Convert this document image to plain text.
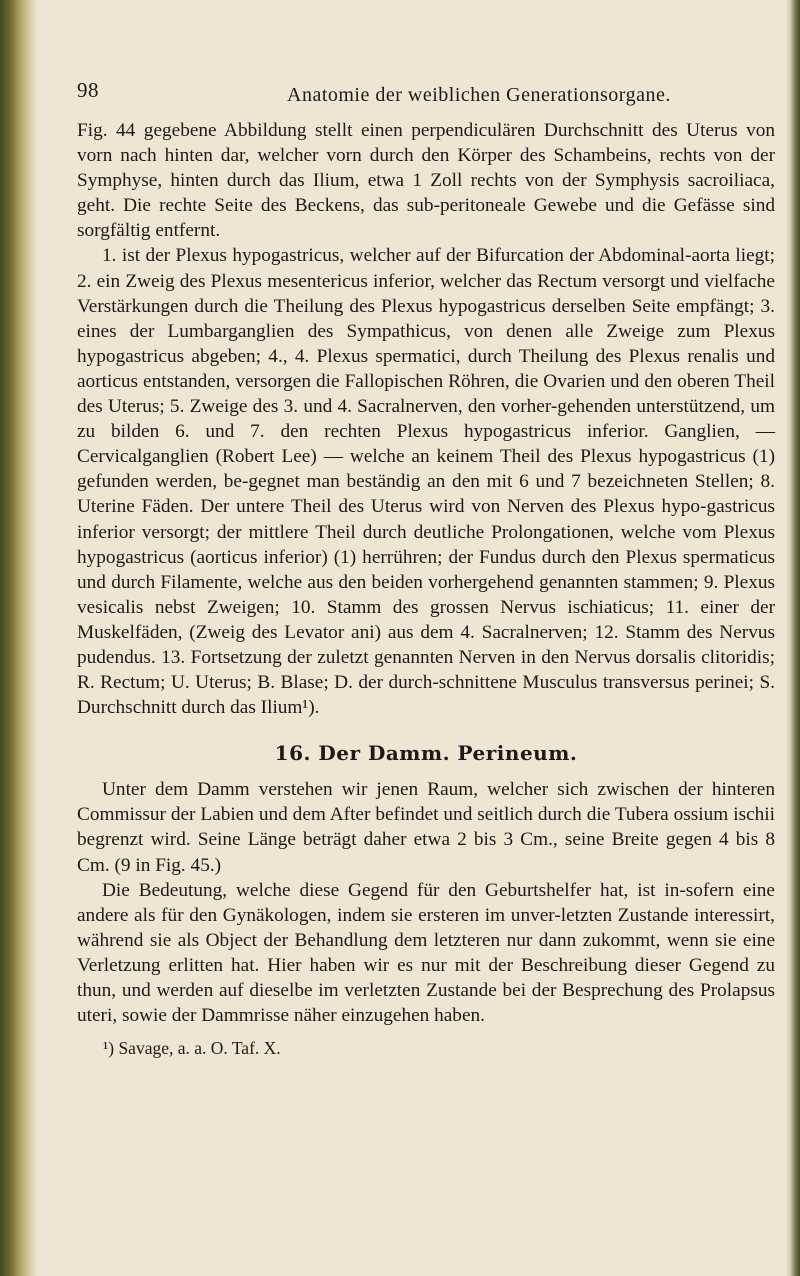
98	Anatomie der weiblichen Generationsorgane.

Fig. 44 gegebene Abbildung stellt einen perpendiculären Durchschnitt des Uterus von vorn nach hinten dar, welcher vorn durch den Körper des Schambeins, rechts von der Symphyse, hinten durch das Ilium, etwa 1 Zoll rechts von der Symphysis sacroiliaca, geht. Die rechte Seite des Beckens, das sub-peritoneale Gewebe und die Gefässe sind sorgfältig entfernt.

1. ist der Plexus hypogastricus, welcher auf der Bifurcation der Abdominal-aorta liegt; 2. ein Zweig des Plexus mesentericus inferior, welcher das Rectum versorgt und vielfache Verstärkungen durch die Theilung des Plexus hypogastricus derselben Seite empfängt; 3. eines der Lumbarganglien des Sympathicus, von denen alle Zweige zum Plexus hypogastricus abgeben; 4., 4. Plexus spermatici, durch Theilung des Plexus renalis und aorticus entstanden, versorgen die Fallopischen Röhren, die Ovarien und den oberen Theil des Uterus; 5. Zweige des 3. und 4. Sacralnerven, den vorher-gehenden unterstützend, um zu bilden 6. und 7. den rechten Plexus hypogastricus inferior. Ganglien, — Cervicalganglien (Robert Lee) — welche an keinem Theil des Plexus hypogastricus (1) gefunden werden, be-gegnet man beständig an den mit 6 und 7 bezeichneten Stellen; 8. Uterine Fäden. Der untere Theil des Uterus wird von Nerven des Plexus hypo-gastricus inferior versorgt; der mittlere Theil durch deutliche Prolongationen, welche vom Plexus hypogastricus (aorticus inferior) (1) herrühren; der Fundus durch den Plexus spermaticus und durch Filamente, welche aus den beiden vorhergehend genannten stammen; 9. Plexus vesicalis nebst Zweigen; 10. Stamm des grossen Nervus ischiaticus; 11. einer der Muskelfäden, (Zweig des Levator ani) aus dem 4. Sacralnerven; 12. Stamm des Nervus pudendus. 13. Fortsetzung der zuletzt genannten Nerven in den Nervus dorsalis clitoridis; R. Rectum; U. Uterus; B. Blase; D. der durch-schnittene Musculus transversus perinei; S. Durchschnitt durch das Ilium¹).

16. Der Damm. Perineum.

Unter dem Damm verstehen wir jenen Raum, welcher sich zwischen der hinteren Commissur der Labien und dem After befindet und seitlich durch die Tubera ossium ischii begrenzt wird. Seine Länge beträgt daher etwa 2 bis 3 Cm., seine Breite gegen 4 bis 8 Cm. (9 in Fig. 45.)

Die Bedeutung, welche diese Gegend für den Geburtshelfer hat, ist in-sofern eine andere als für den Gynäkologen, indem sie ersteren im unver-letzten Zustande interessirt, während sie als Object der Behandlung dem letzteren nur dann zukommt, wenn sie eine Verletzung erlitten hat. Hier haben wir es nur mit der Beschreibung dieser Gegend zu thun, und werden auf dieselbe im verletzten Zustande bei der Besprechung des Prolapsus uteri, sowie der Dammrisse näher einzugehen haben.

¹) Savage, a. a. O. Taf. X.
